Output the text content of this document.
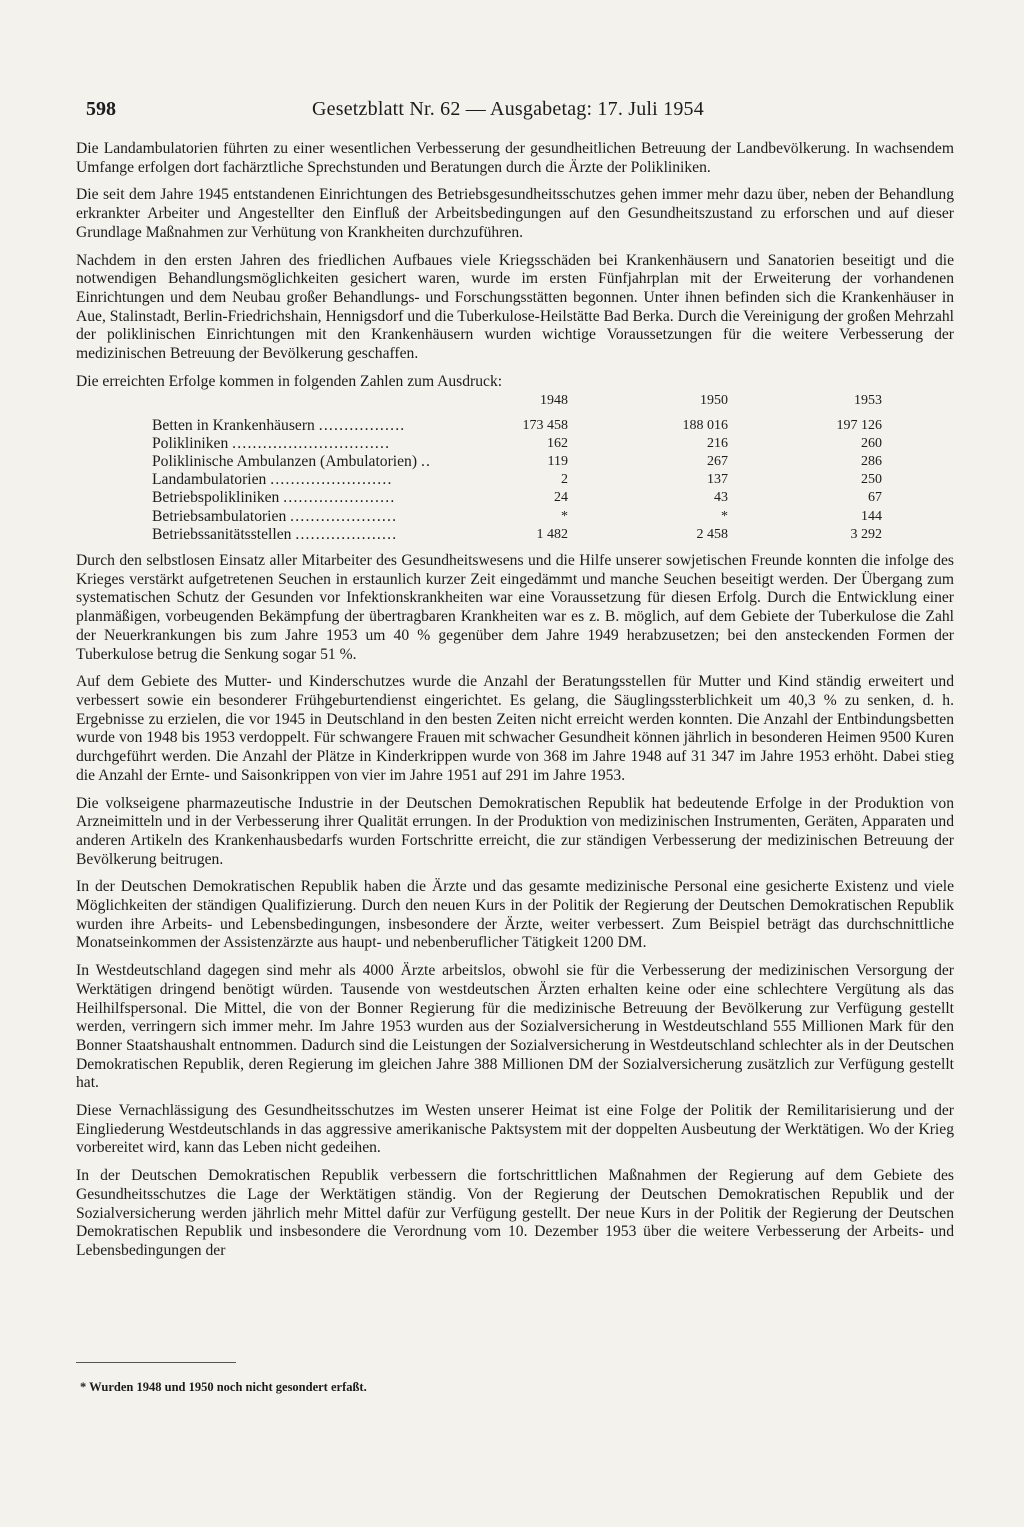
598	Gesetzblatt Nr. 62 — Ausgabetag: 17. Juli 1954

Die Landambulatorien führten zu einer wesentlichen Verbesserung der gesundheitlichen Betreuung der Landbevölkerung. In wachsendem Umfange erfolgen dort fachärztliche Sprechstunden und Beratungen durch die Ärzte der Polikliniken.

Die seit dem Jahre 1945 entstandenen Einrichtungen des Betriebsgesundheitsschutzes gehen immer mehr dazu über, neben der Behandlung erkrankter Arbeiter und Angestellter den Einfluß der Arbeitsbedingungen auf den Gesundheitszustand zu erforschen und auf dieser Grundlage Maßnahmen zur Verhütung von Krankheiten durchzuführen.

Nachdem in den ersten Jahren des friedlichen Aufbaues viele Kriegsschäden bei Krankenhäusern und Sanatorien beseitigt und die notwendigen Behandlungsmöglichkeiten gesichert waren, wurde im ersten Fünfjahrplan mit der Erweiterung der vorhandenen Einrichtungen und dem Neubau großer Behandlungs- und Forschungsstätten begonnen. Unter ihnen befinden sich die Krankenhäuser in Aue, Stalinstadt, Berlin-Friedrichshain, Hennigsdorf und die Tuberkulose-Heilstätte Bad Berka. Durch die Vereinigung der großen Mehrzahl der poliklinischen Einrichtungen mit den Krankenhäusern wurden wichtige Voraussetzungen für die weitere Verbesserung der medizinischen Betreuung der Bevölkerung geschaffen.

Die erreichten Erfolge kommen in folgenden Zahlen zum Ausdruck:

	1948	1950	1953
Betten in Krankenhäusern .................	173 458	188 016	197 126
Polikliniken ...............................	162	216	260
Poliklinische Ambulanzen (Ambulatorien) ..	119	267	286
Landambulatorien ........................	2	137	250
Betriebspolikliniken ......................	24	43	67
Betriebsambulatorien .....................	*	*	144
Betriebssanitätsstellen ....................	1 482	2 458	3 292

Durch den selbstlosen Einsatz aller Mitarbeiter des Gesundheitswesens und die Hilfe unserer sowjetischen Freunde konnten die infolge des Krieges verstärkt aufgetretenen Seuchen in erstaunlich kurzer Zeit eingedämmt und manche Seuchen beseitigt werden. Der Übergang zum systematischen Schutz der Gesunden vor Infektionskrankheiten war eine Voraussetzung für diesen Erfolg. Durch die Entwicklung einer planmäßigen, vorbeugenden Bekämpfung der übertragbaren Krankheiten war es z. B. möglich, auf dem Gebiete der Tuberkulose die Zahl der Neuerkrankungen bis zum Jahre 1953 um 40 % gegenüber dem Jahre 1949 herabzusetzen; bei den ansteckenden Formen der Tuberkulose betrug die Senkung sogar 51 %.

Auf dem Gebiete des Mutter- und Kinderschutzes wurde die Anzahl der Beratungsstellen für Mutter und Kind ständig erweitert und verbessert sowie ein besonderer Frühgeburtendienst eingerichtet. Es gelang, die Säuglingssterblichkeit um 40,3 % zu senken, d. h. Ergebnisse zu erzielen, die vor 1945 in Deutschland in den besten Zeiten nicht erreicht werden konnten. Die Anzahl der Entbindungsbetten wurde von 1948 bis 1953 verdoppelt. Für schwangere Frauen mit schwacher Gesundheit können jährlich in besonderen Heimen 9500 Kuren durchgeführt werden. Die Anzahl der Plätze in Kinderkrippen wurde von 368 im Jahre 1948 auf 31 347 im Jahre 1953 erhöht. Dabei stieg die Anzahl der Ernte- und Saisonkrippen von vier im Jahre 1951 auf 291 im Jahre 1953.

Die volkseigene pharmazeutische Industrie in der Deutschen Demokratischen Republik hat bedeutende Erfolge in der Produktion von Arzneimitteln und in der Verbesserung ihrer Qualität errungen. In der Produktion von medizinischen Instrumenten, Geräten, Apparaten und anderen Artikeln des Krankenhausbedarfs wurden Fortschritte erreicht, die zur ständigen Verbesserung der medizinischen Betreuung der Bevölkerung beitrugen.

In der Deutschen Demokratischen Republik haben die Ärzte und das gesamte medizinische Personal eine gesicherte Existenz und viele Möglichkeiten der ständigen Qualifizierung. Durch den neuen Kurs in der Politik der Regierung der Deutschen Demokratischen Republik wurden ihre Arbeits- und Lebensbedingungen, insbesondere der Ärzte, weiter verbessert. Zum Beispiel beträgt das durchschnittliche Monatseinkommen der Assistenzärzte aus haupt- und nebenberuflicher Tätigkeit 1200 DM.

In Westdeutschland dagegen sind mehr als 4000 Ärzte arbeitslos, obwohl sie für die Verbesserung der medizinischen Versorgung der Werktätigen dringend benötigt würden. Tausende von westdeutschen Ärzten erhalten keine oder eine schlechtere Vergütung als das Heilhilfspersonal. Die Mittel, die von der Bonner Regierung für die medizinische Betreuung der Bevölkerung zur Verfügung gestellt werden, verringern sich immer mehr. Im Jahre 1953 wurden aus der Sozialversicherung in Westdeutschland 555 Millionen Mark für den Bonner Staatshaushalt entnommen. Dadurch sind die Leistungen der Sozialversicherung in Westdeutschland schlechter als in der Deutschen Demokratischen Republik, deren Regierung im gleichen Jahre 388 Millionen DM der Sozialversicherung zusätzlich zur Verfügung gestellt hat.

Diese Vernachlässigung des Gesundheitsschutzes im Westen unserer Heimat ist eine Folge der Politik der Remilitarisierung und der Eingliederung Westdeutschlands in das aggressive amerikanische Paktsystem mit der doppelten Ausbeutung der Werktätigen. Wo der Krieg vorbereitet wird, kann das Leben nicht gedeihen.

In der Deutschen Demokratischen Republik verbessern die fortschrittlichen Maßnahmen der Regierung auf dem Gebiete des Gesundheitsschutzes die Lage der Werktätigen ständig. Von der Regierung der Deutschen Demokratischen Republik und der Sozialversicherung werden jährlich mehr Mittel dafür zur Verfügung gestellt. Der neue Kurs in der Politik der Regierung der Deutschen Demokratischen Republik und insbesondere die Verordnung vom 10. Dezember 1953 über die weitere Verbesserung der Arbeits- und Lebensbedingungen der

* Wurden 1948 und 1950 noch nicht gesondert erfaßt.
